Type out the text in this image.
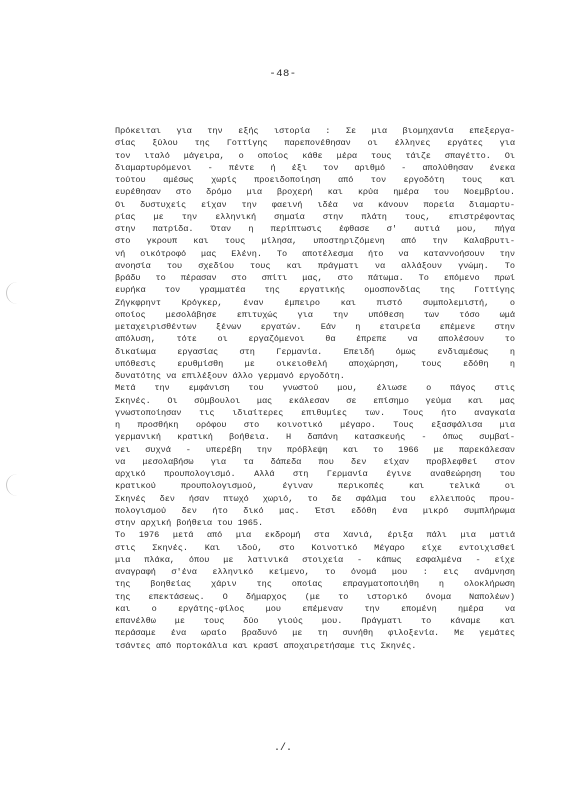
-48-
Πρόκειται για την εξής ιστορία : Σε μια βιομηχανία επεξεργα-
σίας ξύλου της Γοττίγης παρεπονέθησαν οι έλληνες εργάτες για
τον ιταλό μάγειρα, ο οποίος κάθε μέρα τους τάιζε σπαγέττο. Οι
διαμαρτυρόμενοι - πέντε ή έξι τον αριθμό - απολύθησαν ένεκα
τούτου αμέσως χωρίς προειδοποίηση από τον εργοδότη τους και
ευρέθησαν στο δρόμο μια βροχερή και κρύα ημέρα του Νοεμβρίου.
Οι δυστυχείς είχαν την φαεινή ιδέα να κάνουν πορεία διαμαρτυ-
ρίας με την ελληνική σημαία στην πλάτη τους, επιστρέφοντας
στην πατρίδα. Όταν η περίπτωσις έφθασε σ' αυτιά μου, πήγα
στο γκρουπ και τους μίλησα, υποστηριζόμενη από την Καλαβρυτι-
νή οικότροφό μας Ελένη. Το αποτέλεσμα ήτο να καταννοήσουν την
ανοησία του σχεδίου τους και πράγματι να αλλάξουν γνώμη. Το
βράδυ το πέρασαν στο σπίτι μας, στο πάτωμα. Το επόμενο πρωί
ευρήκα τον γραμματέα της εργατικής ομοσπονδίας της Γοττίγης
Ζήγκφρηντ Κρόγκερ, έναν έμπειρο και πιστό συμπολεμιστή, ο
οποίος μεσολάβησε επιτυχώς για την υπόθεση των τόσο ωμά
μεταχειρισθέντων ξένων εργατών. Εάν η εταιρεία επέμενε στην
απόλυση, τότε οι εργαζόμενοι θα έπρεπε να απολέσουν το
δικαίωμα εργασίας στη Γερμανία. Επειδή όμως ενδιαμέσως η
υπόθεσις ερυθμίσθη με οικειοθελή αποχώρηση, τους εδόθη η
δυνατότης να επιλέξουν άλλο γερμανό εργοδότη.
Μετά την εμφάνιση του γνωστού μου, έλιωσε ο πάγος στις
Σκηνές. Οι σύμβουλοι μας εκάλεσαν σε επίσημο γεύμα και μας
γνωστοποίησαν τις ιδιαίτερες επιθυμίες των. Τους ήτο αναγκαία
η προσθήκη ορόφου στο κοινοτικό μέγαρο. Τους εξασφάλισα μια
γερμανική κρατική βοήθεια. Η δαπάνη κατασκευής - όπως συμβαί-
νει συχνά - υπερέβη την πρόβλεψη και το 1966 με παρεκάλεσαν
να μεσολαβήσω για τα δάπεδα που δεν είχαν προβλεφθεί στον
αρχικό προυπολογισμό. Αλλά στη Γερμανία έγινε αναθεώρηση του
κρατικού προυπολογισμού, έγιναν περικοπές και τελικά οι
Σκηνές δεν ήσαν πτωχό χωριό, το δε σφάλμα του ελλειπούς πρου-
πολογισμού δεν ήτο δικό μας. Έτσι εδόθη ένα μικρό συμπλήρωμα
στην αρχική βοήθεια του 1965.
Το 1976 μετά από μια εκδρομή στα Χανιά, έριξα πάλι μια ματιά
στις Σκηνές. Και ιδού, στο Κοινοτικό Μέγαρο είχε εντοιχισθεί
μια πλάκα, όπου με λατινικά στοιχεία - κάπως εσφαλμένα - είχε
αναγραφή σ'ένα ελληνικό κείμενο, το όνομά μου : εις ανάμνηση
της βοηθείας χάριν της οποίας επραγματοποιήθη η ολοκλήρωση
της επεκτάσεως. Ο δήμαρχος (με το ιστορικό όνομα Ναπολέων)
και ο εργάτης-φίλος μου επέμεναν την επομένη ημέρα να
επανέλθω με τους δύο γιούς μου. Πράγματι το κάναμε και
περάσαμε ένα ωραίο βραδυνό με τη συνήθη φιλοξενία. Με γεμάτες
τσάντες από πορτοκάλια και κρασί αποχαιρετήσαμε τις Σκηνές.
./.
